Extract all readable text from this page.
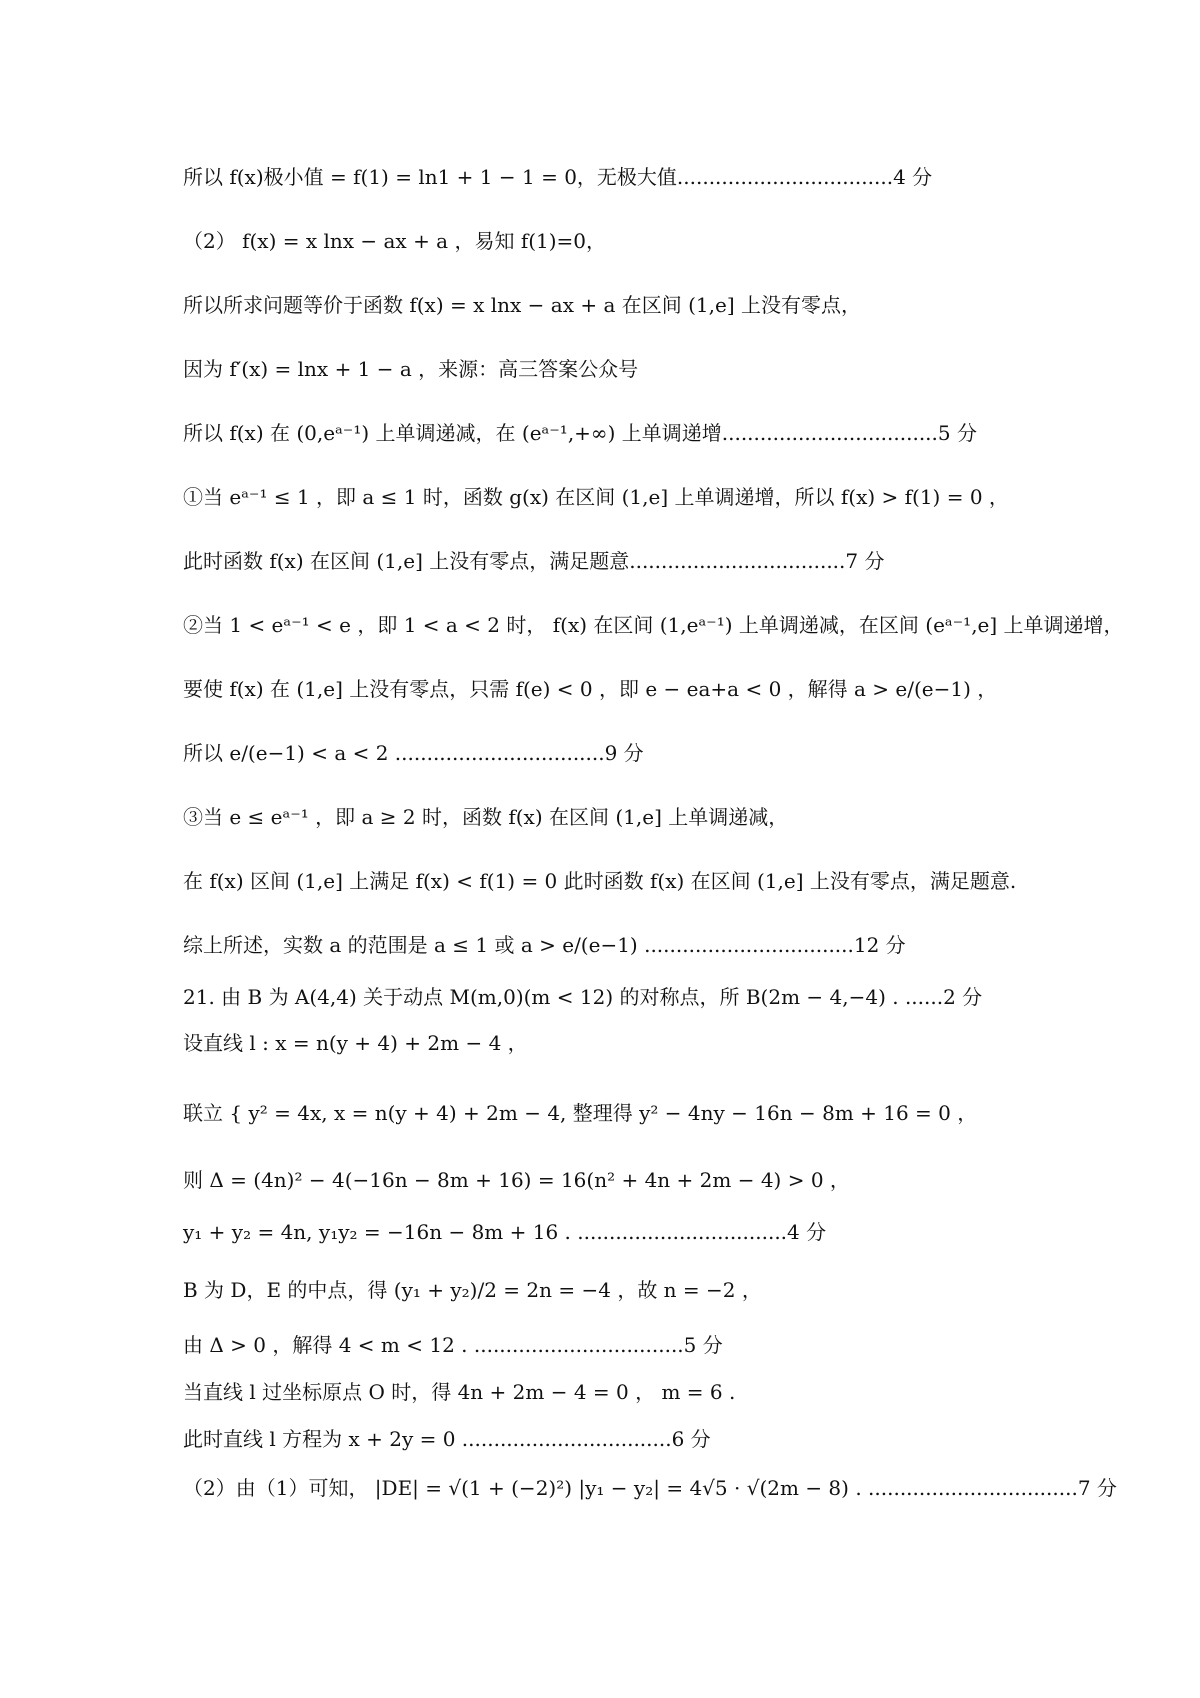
所以 f(x)极小值 = f(1) = ln1 + 1 − 1 = 0，无极大值..................................4 分
（2） f(x) = x lnx − ax + a ，易知 f(1)=0，
所以所求问题等价于函数 f(x) = x lnx − ax + a 在区间 (1,e] 上没有零点，
因为 f′(x) = lnx + 1 − a ，来源：高三答案公众号
所以 f(x) 在 (0,eᵃ⁻¹) 上单调递减，在 (eᵃ⁻¹,+∞) 上单调递增..................................5 分
①当 eᵃ⁻¹ ≤ 1 ，即 a ≤ 1 时，函数 g(x) 在区间 (1,e] 上单调递增，所以 f(x) > f(1) = 0 ，
此时函数 f(x) 在区间 (1,e] 上没有零点，满足题意..................................7 分
②当 1 < eᵃ⁻¹ < e ，即 1 < a < 2 时， f(x) 在区间 (1,eᵃ⁻¹) 上单调递减，在区间 (eᵃ⁻¹,e] 上单调递增，
要使 f(x) 在 (1,e] 上没有零点，只需 f(e) < 0 ，即 e − ea+a < 0 ，解得 a > e/(e−1) ，
所以 e/(e−1) < a < 2 .................................9 分
③当 e ≤ eᵃ⁻¹ ，即 a ≥ 2 时，函数 f(x) 在区间 (1,e] 上单调递减，
在 f(x) 区间 (1,e] 上满足 f(x) < f(1) = 0 此时函数 f(x) 在区间 (1,e] 上没有零点，满足题意.
综上所述，实数 a 的范围是 a ≤ 1 或 a > e/(e−1) .................................12 分
21. 由 B 为 A(4,4) 关于动点 M(m,0)(m < 12) 的对称点，所 B(2m − 4,−4) . ......2 分
设直线 l : x = n(y + 4) + 2m − 4 ，
联立 { y² = 4x, x = n(y + 4) + 2m − 4, 整理得 y² − 4ny − 16n − 8m + 16 = 0 ，
则 Δ = (4n)² − 4(−16n − 8m + 16) = 16(n² + 4n + 2m − 4) > 0 ，
y₁ + y₂ = 4n, y₁y₂ = −16n − 8m + 16 . .................................4 分
B 为 D，E 的中点，得 (y₁ + y₂)/2 = 2n = −4 ，故 n = −2 ，
由 Δ > 0 ，解得 4 < m < 12 . .................................5 分
当直线 l 过坐标原点 O 时，得 4n + 2m − 4 = 0 ， m = 6 .
此时直线 l 方程为 x + 2y = 0 .................................6 分
（2）由（1）可知， |DE| = √(1 + (−2)²) |y₁ − y₂| = 4√5 · √(2m − 8) . .................................7 分
